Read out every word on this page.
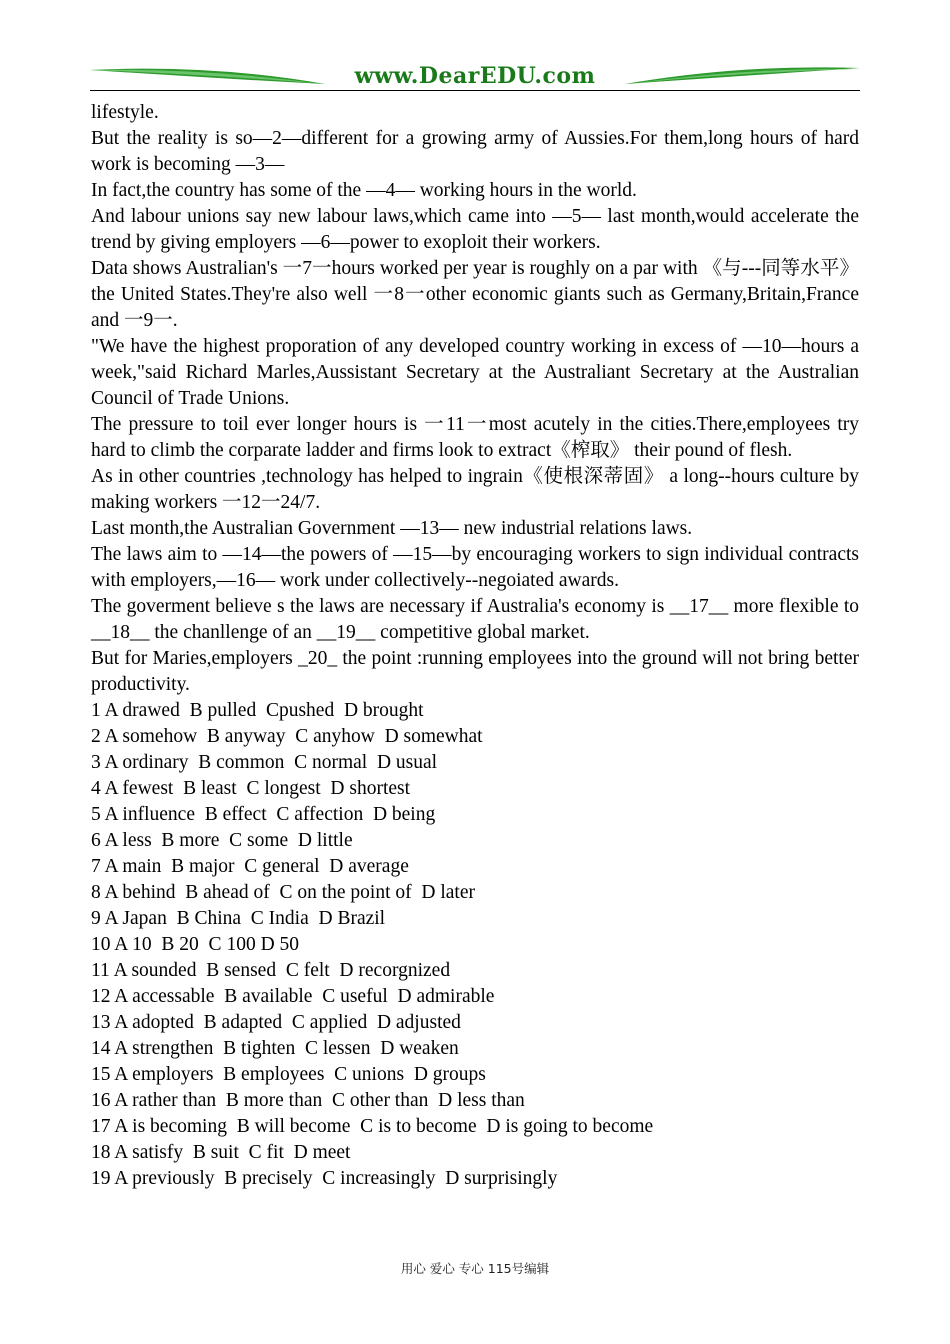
www.DearEDU.com

lifestyle.

But the reality is so—2—different for a growing army of Aussies.For them,long hours of hard work is becoming —3—

In fact,the country has some of the —4— working hours in the world.

And labour unions say new labour laws,which came into —5— last month,would accelerate the trend by giving employers —6—power to exoploit their workers.

Data shows Australian's 一7一hours worked per year is roughly on a par with 《与---同等水平》the United States.They're also well 一8一other economic giants such as Germany,Britain,France and 一9一.

"We have the highest proporation of any developed country working in excess of —10—hours a week,"said Richard Marles,Aussistant Secretary at the Australiant Secretary at the Australian Council of Trade Unions.

The pressure to toil ever longer hours is 一11一most acutely in the cities.There,employees try hard to climb the corparate ladder and firms look to extract《榨取》 their pound of flesh.

As in other countries ,technology has helped to ingrain《使根深蒂固》 a long--hours culture by making workers 一12一24/7.

Last month,the Australian Government —13— new industrial relations laws.

The laws aim to —14—the powers of —15—by encouraging workers to sign individual contracts with employers,—16— work under collectively--negoiated awards.

The goverment believe s the laws are necessary if Australia's economy is __17__ more flexible to __18__ the chanllenge of an __19__ competitive global market.

But for Maries,employers _20_ the point :running employees into the ground will not bring better productivity.

1 A drawed  B pulled  Cpushed  D brought

2 A somehow  B anyway  C anyhow  D somewhat

3 A ordinary  B common  C normal  D usual

4 A fewest  B least  C longest  D shortest

5 A influence  B effect  C affection  D being

6 A less  B more  C some  D little

7 A main  B major  C general  D average

8 A behind  B ahead of  C on the point of  D later

9 A Japan  B China  C India  D Brazil

10 A 10  B 20  C 100 D 50

11 A sounded  B sensed  C felt  D recorgnized

12 A accessable  B available  C useful  D admirable

13 A adopted  B adapted  C applied  D adjusted

14 A strengthen  B tighten  C lessen  D weaken

15 A employers  B employees  C unions  D groups

16 A rather than  B more than  C other than  D less than

17 A is becoming  B will become  C is to become  D is going to become

18 A satisfy  B suit  C fit  D meet

19 A previously  B precisely  C increasingly  D surprisingly

用心 爱心 专心 115号编辑
